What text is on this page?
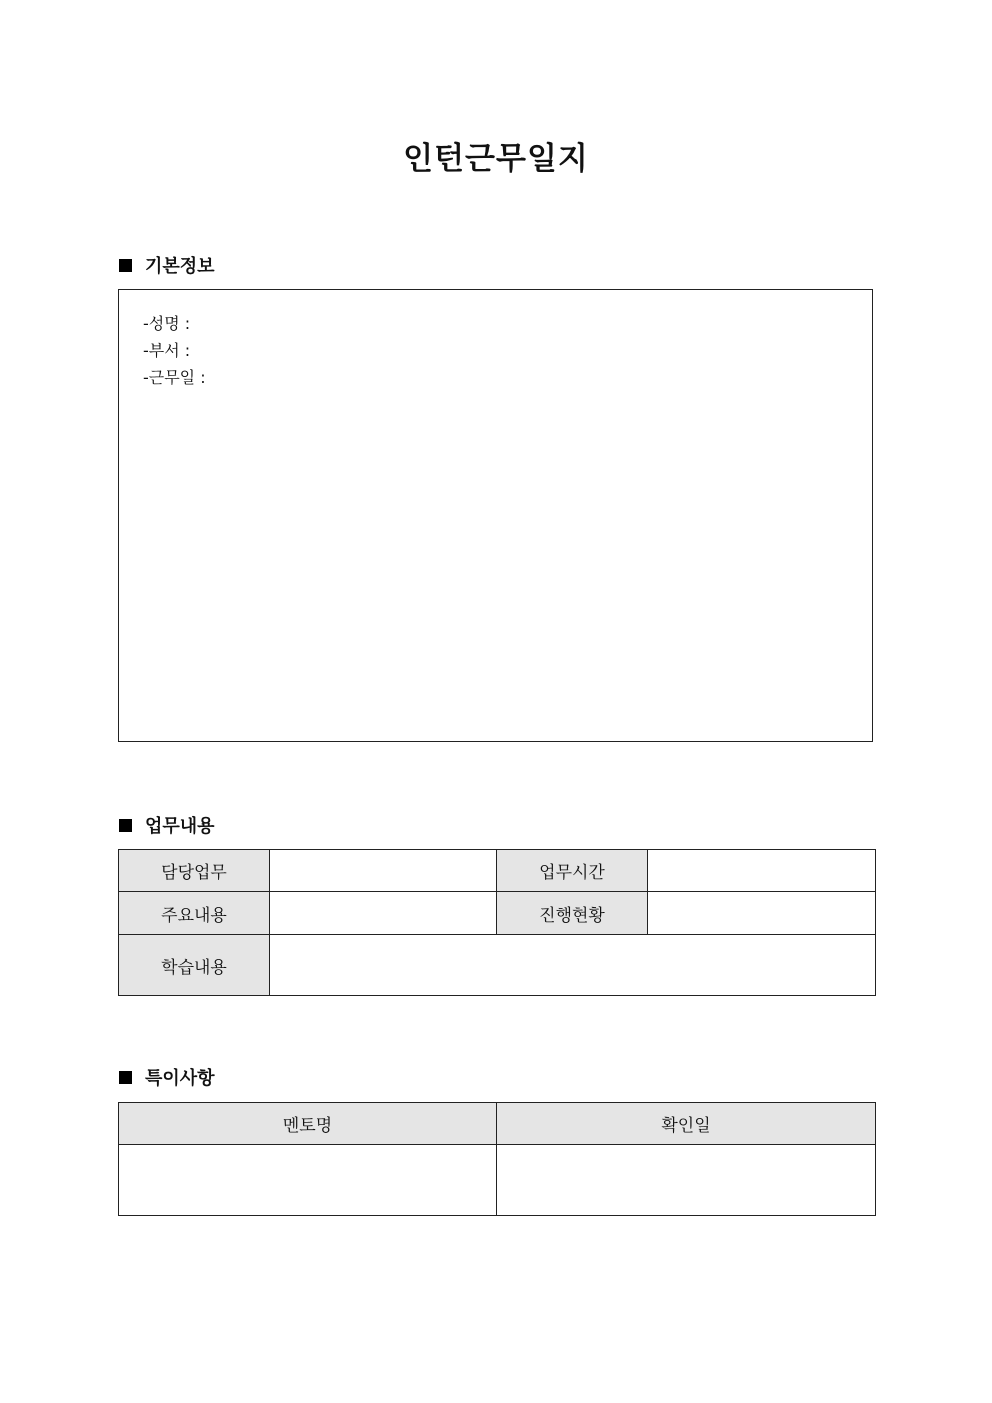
인턴근무일지
기본정보
-성명 :
-부서 :
-근무일 :
업무내용
담당업무		업무시간	
주요내용		진행현황	
학습내용			
특이사항
멘토명	확인일
